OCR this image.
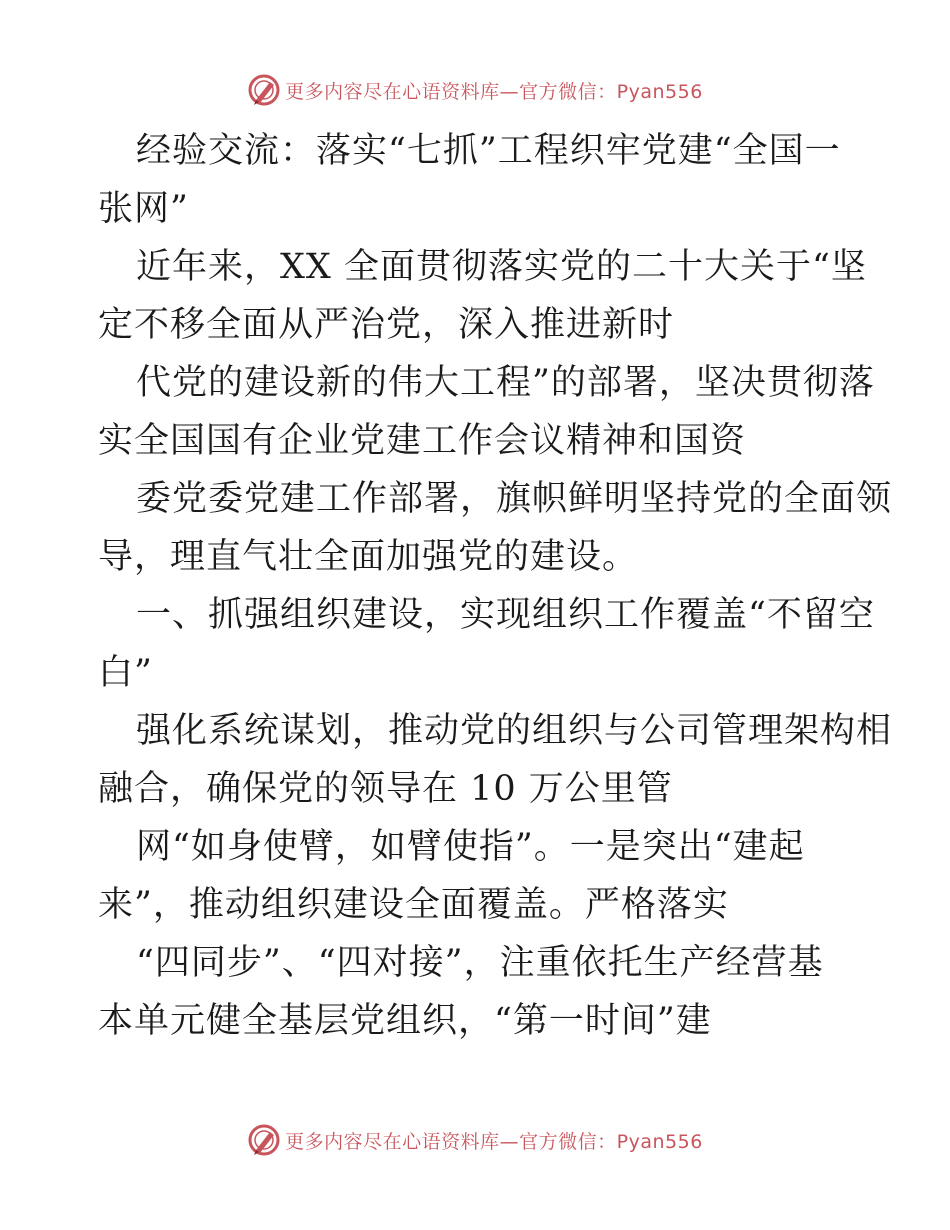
更多内容尽在心语资料库—官方微信：Pyan556
经验交流：落实“七抓”工程织牢党建“全国一
张网”
近年来，XX 全面贯彻落实党的二十大关于“坚
定不移全面从严治党，深入推进新时
代党的建设新的伟大工程”的部署，坚决贯彻落
实全国国有企业党建工作会议精神和国资
委党委党建工作部署，旗帜鲜明坚持党的全面领
导，理直气壮全面加强党的建设。
一、抓强组织建设，实现组织工作覆盖“不留空
白”
强化系统谋划，推动党的组织与公司管理架构相
融合，确保党的领导在 10 万公里管
网“如身使臂，如臂使指”。一是突出“建起
来”，推动组织建设全面覆盖。严格落实
“四同步”、“四对接”，注重依托生产经营基
本单元健全基层党组织，“第一时间”建
更多内容尽在心语资料库—官方微信：Pyan556
